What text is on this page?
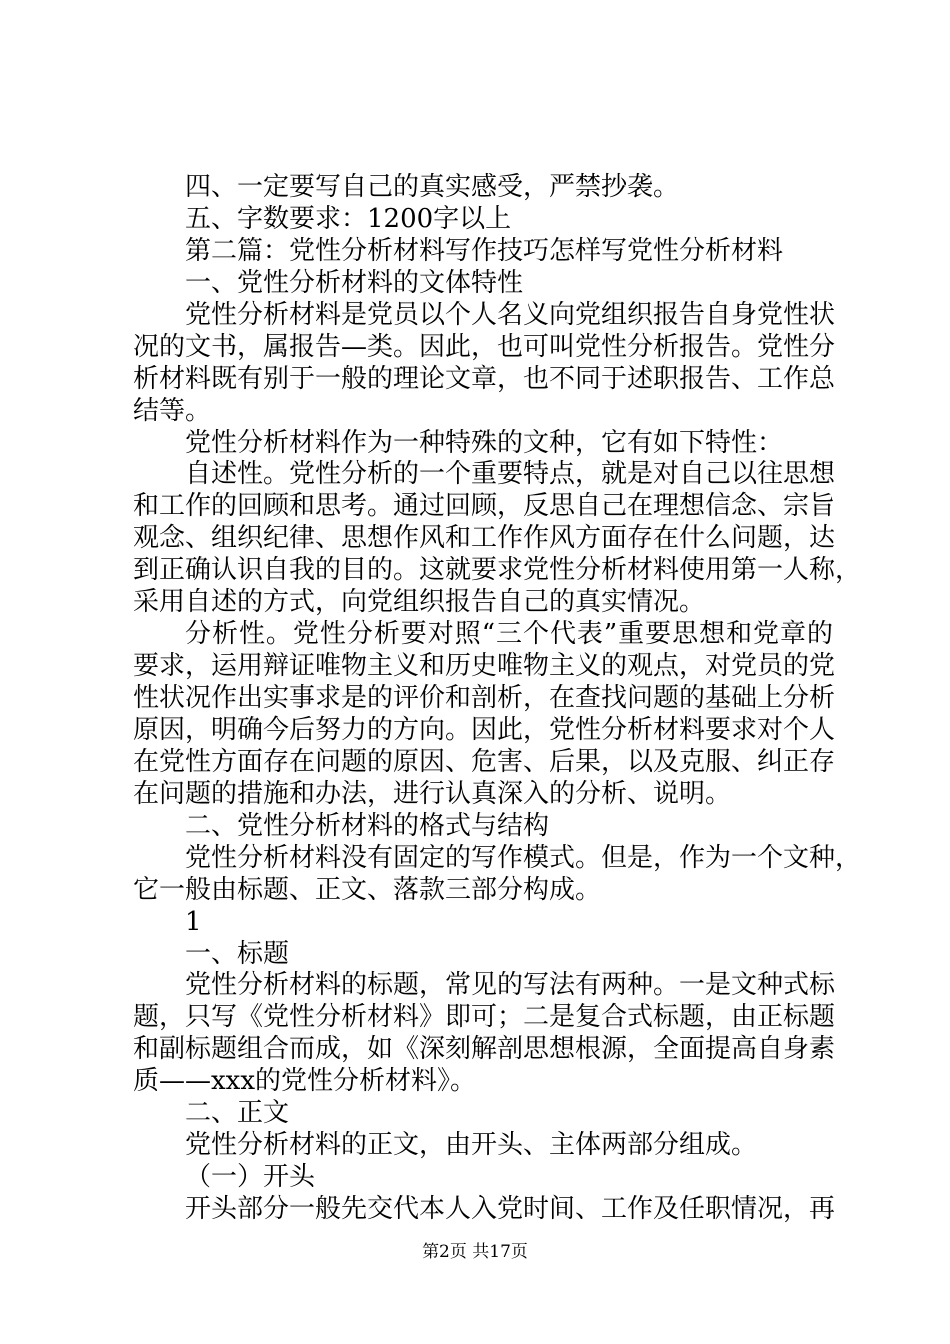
四、一定要写自己的真实感受，严禁抄袭。
五、字数要求：1200字以上
第二篇：党性分析材料写作技巧怎样写党性分析材料
一、党性分析材料的文体特性
党性分析材料是党员以个人名义向党组织报告自身党性状
况的文书，属报告—类。因此，也可叫党性分析报告。党性分
析材料既有别于一般的理论文章，也不同于述职报告、工作总
结等。
党性分析材料作为一种特殊的文种，它有如下特性：
自述性。党性分析的一个重要特点，就是对自己以往思想
和工作的回顾和思考。通过回顾，反思自己在理想信念、宗旨
观念、组织纪律、思想作风和工作作风方面存在什么问题，达
到正确认识自我的目的。这就要求党性分析材料使用第一人称，
采用自述的方式，向党组织报告自己的真实情况。
分析性。党性分析要对照“三个代表”重要思想和党章的
要求，运用辩证唯物主义和历史唯物主义的观点，对党员的党
性状况作出实事求是的评价和剖析，在查找问题的基础上分析
原因，明确今后努力的方向。因此，党性分析材料要求对个人
在党性方面存在问题的原因、危害、后果，以及克服、纠正存
在问题的措施和办法，进行认真深入的分析、说明。
二、党性分析材料的格式与结构
党性分析材料没有固定的写作模式。但是，作为一个文种，
它一般由标题、正文、落款三部分构成。
1
一、标题
党性分析材料的标题，常见的写法有两种。一是文种式标
题，只写《党性分析材料》即可；二是复合式标题，由正标题
和副标题组合而成，如《深刻解剖思想根源，全面提高自身素
质——xxx的党性分析材料》。
二、正文
党性分析材料的正文，由开头、主体两部分组成。
（一）开头
开头部分一般先交代本人入党时间、工作及任职情况，再
第2页 共17页
